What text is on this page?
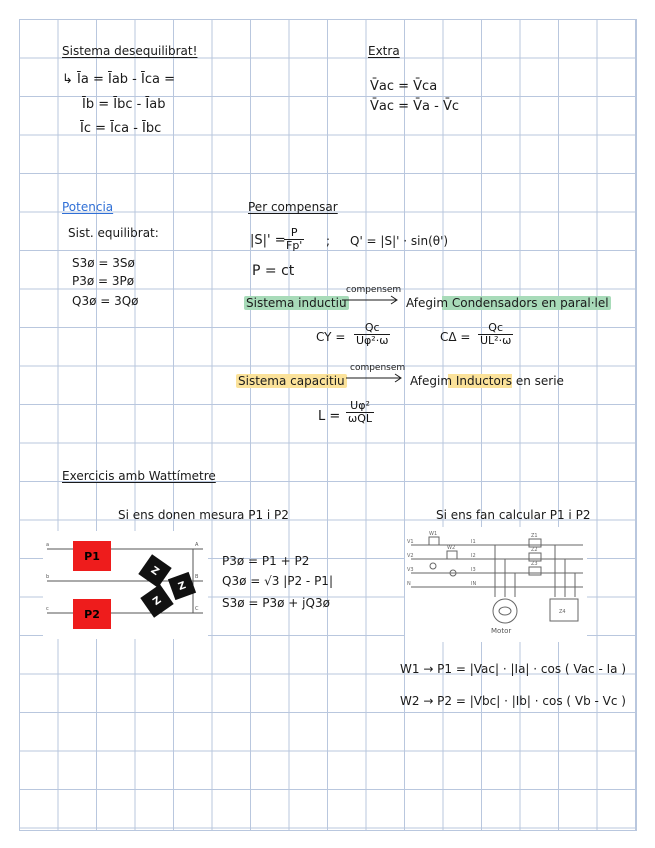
Sistema desequilibrat!
↳ Īa = Īab - Īca =
Īb = Ībc - Īab
Īc = Īca - Ībc
Extra
V̄ac = V̄ca
V̄ac = V̄a - V̄c
Potencia
Sist. equilibrat:
S3ø = 3Sø
P3ø = 3Pø
Q3ø = 3Qø
Per compensar
|S|' =
$\frac{P}{Fp'}$ ; Q' = |S|' · sin(θ')
P = ct
Sistema inductiu
compensem
Afegim Condensadors en paral·lel
CY = $\frac{Qc}{\text{Uφ²·ω}}$	$C\Delta = \frac{Qc}{\text{UL²·ω}}$
Sistema capacitiu
compensem
Afegim Inductors en serie
L =
Uφ²
ωQL
Exercicis amb Wattímetre
Si ens donen mesura P1 i P2	Si ens fan calcular P1 i P2
a
b
c
A
B
C
P1
P2
Z
Z
Z
P3ø = P1 + P2
Q3ø = √3 |P2 - P1|
S3ø = P3ø + jQ3ø
V1
V2
V3
N
W1
W2
I1
I2
I3
IN
Z1
Z2
Z3
Z4
Motor
W1 → P1 = |Vac| · |Ia| · cos ( Vac - Ia )
W2 → P2 = |Vbc| · |Ib| · cos ( Vb - Vc )
